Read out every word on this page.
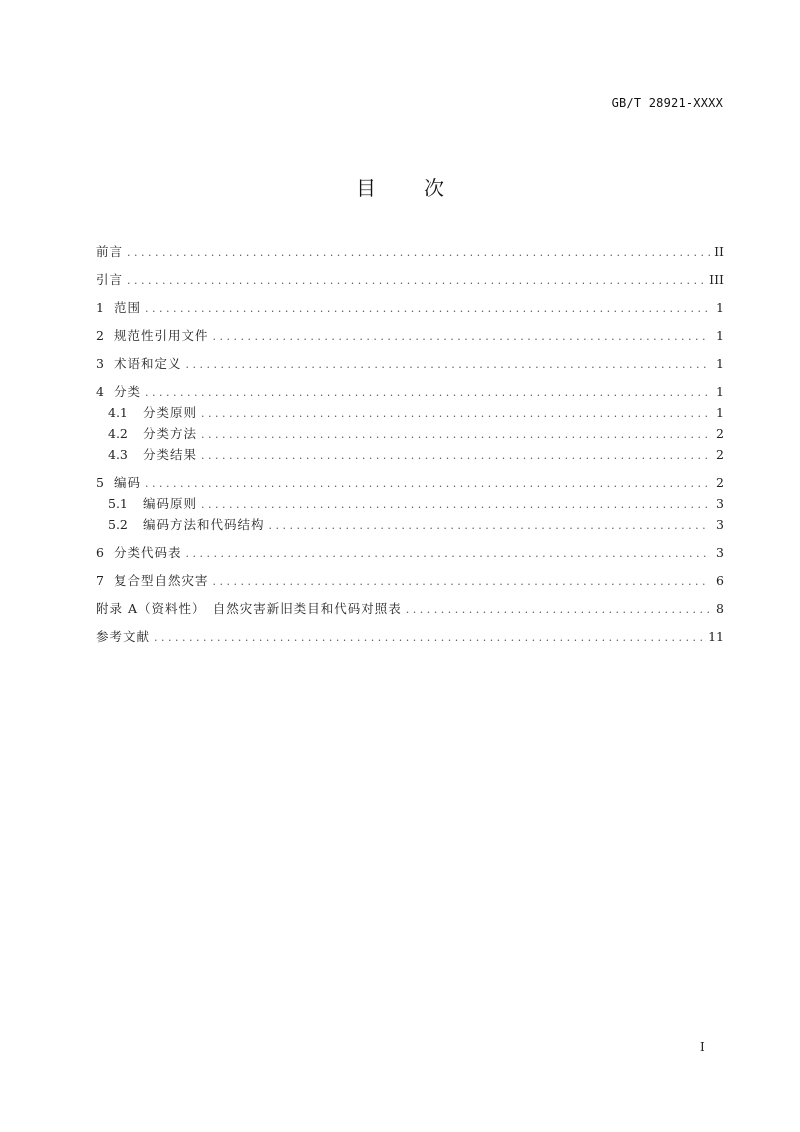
GB/T 28921-XXXX
目 次
前言 . . .	II
引言 . . .	III
1 范围 . . .	1
2 规范性引用文件 . . .	1
3 术语和定义 . . .	1
4 分类 . . .	1
4.1	分类原则 . . .	1
4.2	分类方法 . . .	2
4.3	分类结果 . . .	2
5 编码 . . .	2
5.1	编码原则 . . .	3
5.2	编码方法和代码结构 . . .	3
6 分类代码表 . . .	3
7 复合型自然灾害 . . .	6
附录 A（资料性）　自然灾害新旧类目和代码对照表 . . .	8
参考文献 . . .	11
I
